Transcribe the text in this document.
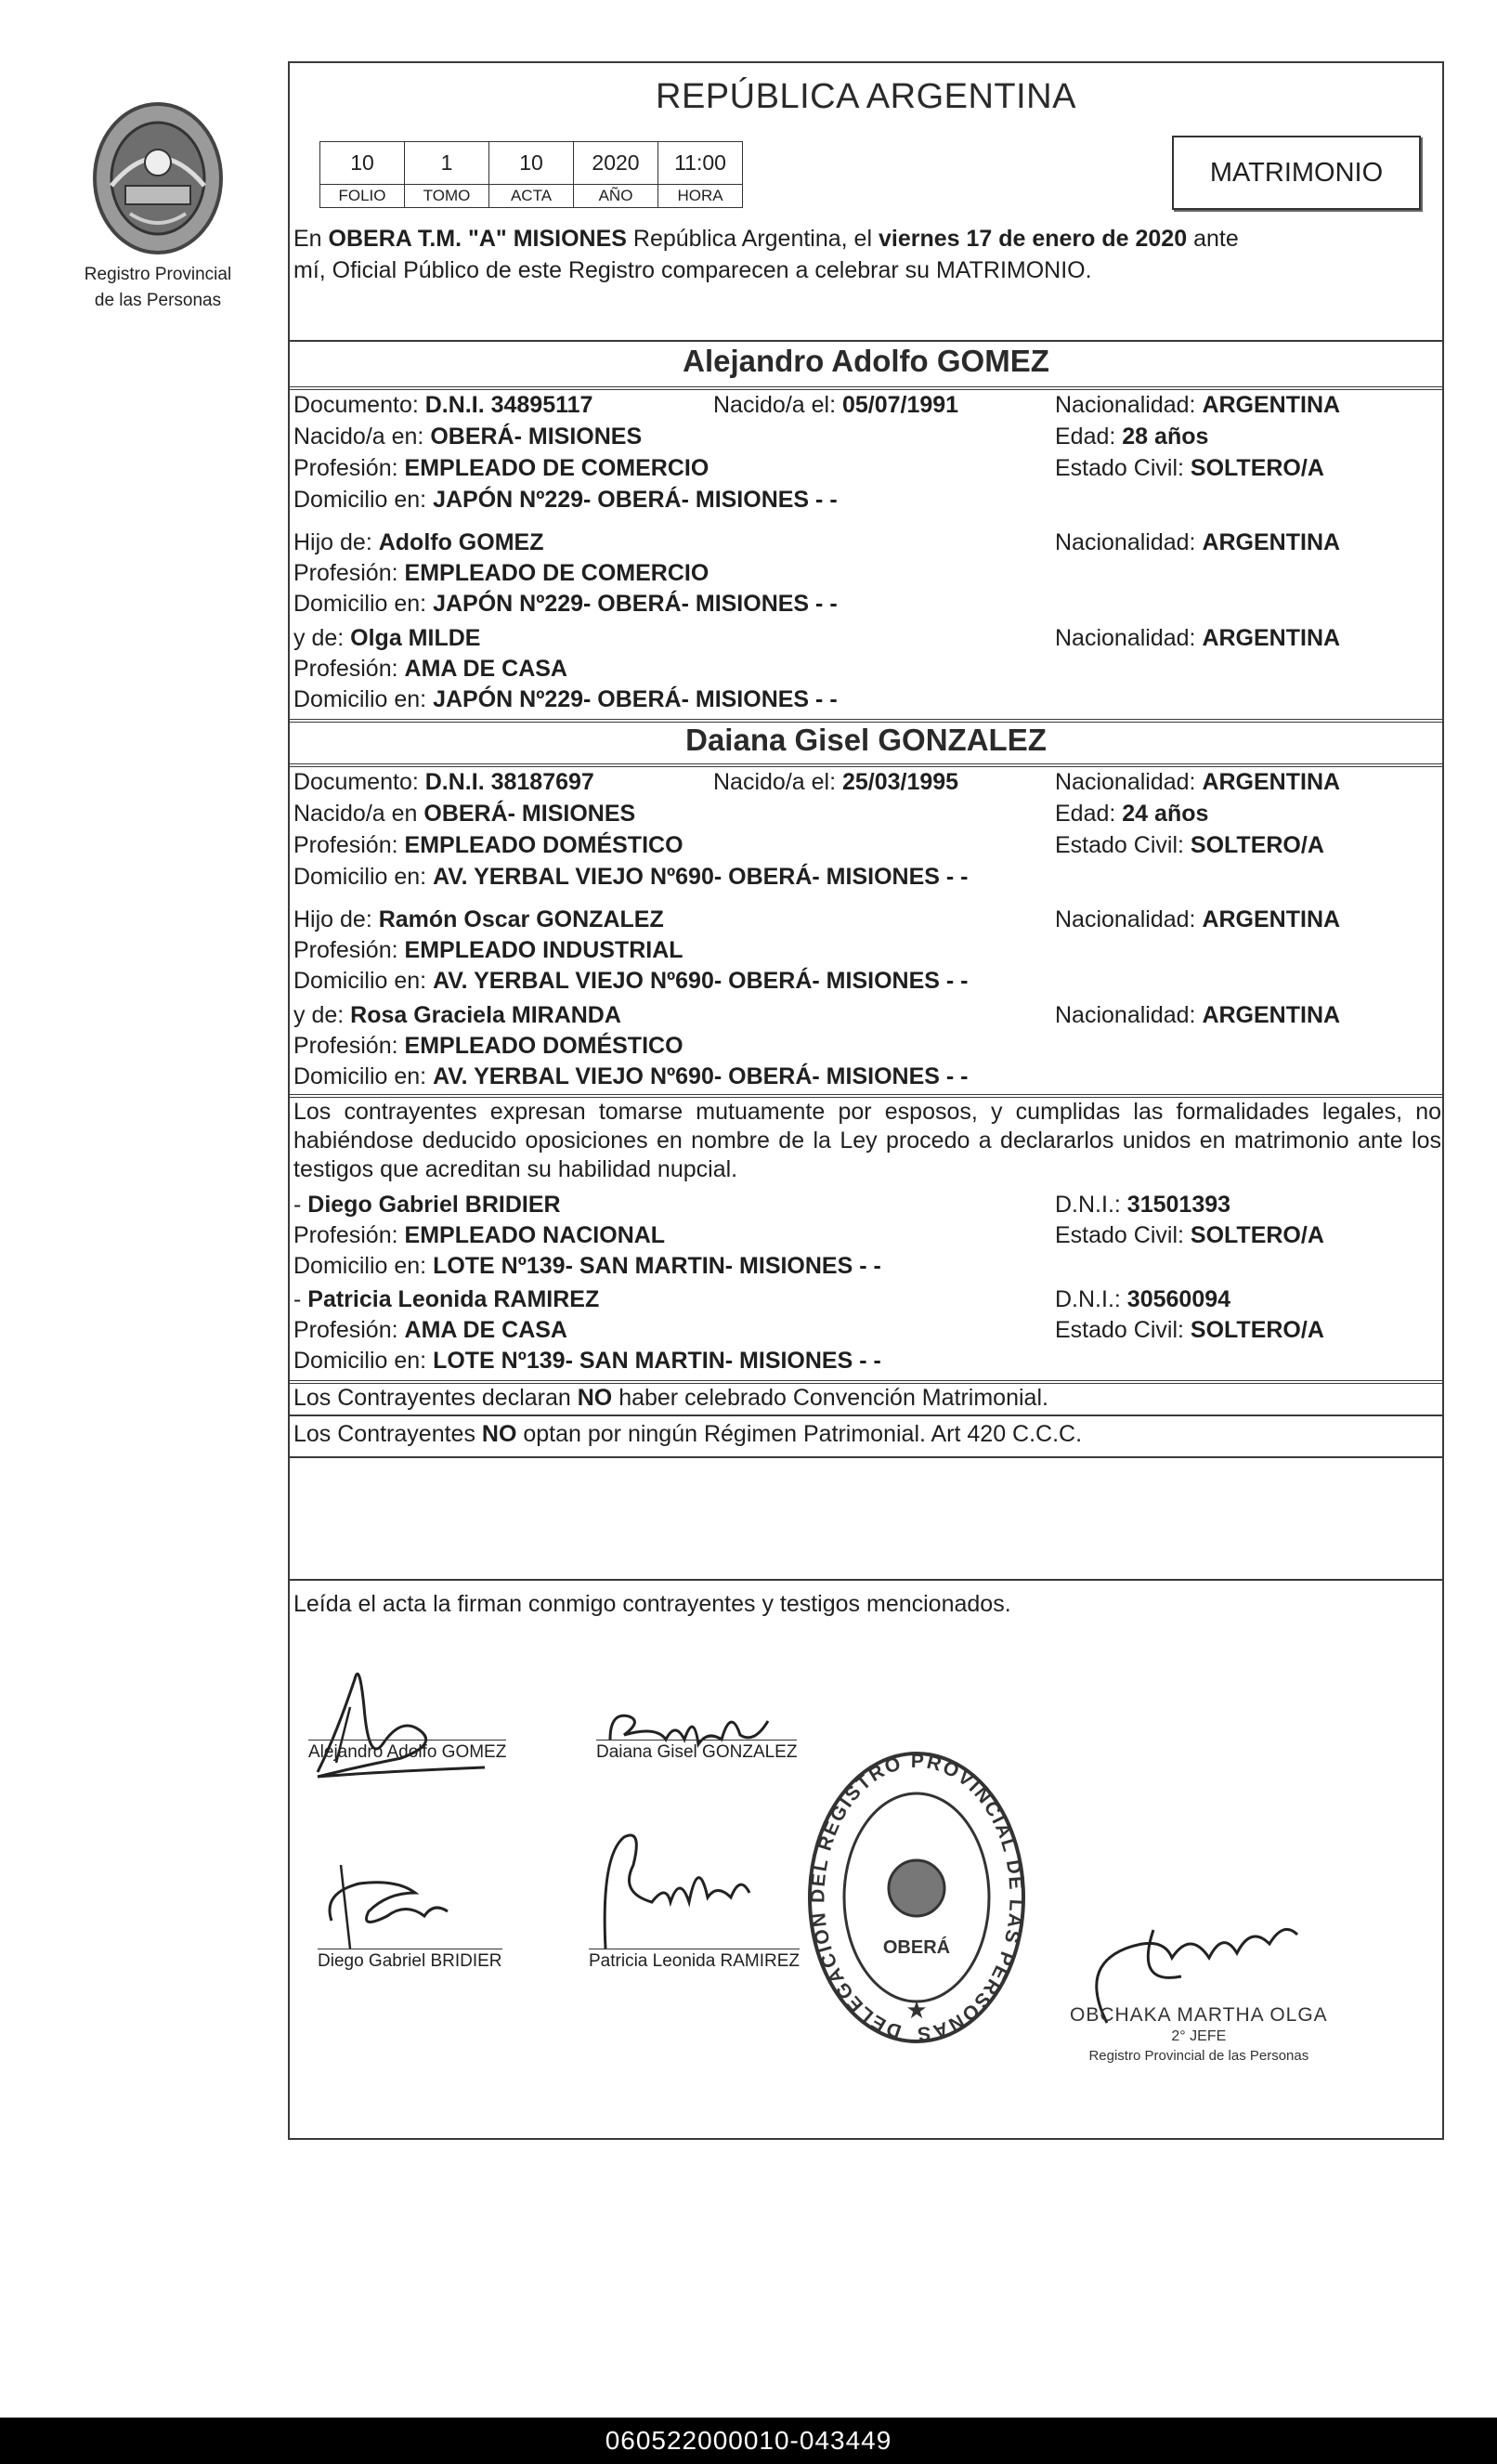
Registro Provincial
de las Personas
REPÚBLICA ARGENTINA
10	1	10	2020	11:00
FOLIO	TOMO	ACTA	AÑO	HORA
MATRIMONIO
En OBERA T.M. "A" MISIONES República Argentina, el viernes 17 de enero de 2020 ante
mí, Oficial Público de este Registro comparecen a celebrar su MATRIMONIO.
Alejandro Adolfo GOMEZ
Documento: D.N.I. 34895117	Nacido/a el: 05/07/1991	Nacionalidad: ARGENTINA
Nacido/a en: OBERÁ- MISIONES	Edad: 28 años
Profesión: EMPLEADO DE COMERCIO	Estado Civil: SOLTERO/A
Domicilio en: JAPÓN Nº229- OBERÁ- MISIONES - -
Hijo de: Adolfo GOMEZ	Nacionalidad: ARGENTINA
Profesión: EMPLEADO DE COMERCIO
Domicilio en: JAPÓN Nº229- OBERÁ- MISIONES - -
y de: Olga MILDE	Nacionalidad: ARGENTINA
Profesión: AMA DE CASA
Domicilio en: JAPÓN Nº229- OBERÁ- MISIONES - -
Daiana Gisel GONZALEZ
Documento: D.N.I. 38187697	Nacido/a el: 25/03/1995	Nacionalidad: ARGENTINA
Nacido/a en OBERÁ- MISIONES	Edad: 24 años
Profesión: EMPLEADO DOMÉSTICO	Estado Civil: SOLTERO/A
Domicilio en: AV. YERBAL VIEJO Nº690- OBERÁ- MISIONES - -
Hijo de: Ramón Oscar GONZALEZ	Nacionalidad: ARGENTINA
Profesión: EMPLEADO INDUSTRIAL
Domicilio en: AV. YERBAL VIEJO Nº690- OBERÁ- MISIONES - -
y de: Rosa Graciela MIRANDA	Nacionalidad: ARGENTINA
Profesión: EMPLEADO DOMÉSTICO
Domicilio en: AV. YERBAL VIEJO Nº690- OBERÁ- MISIONES - -
Los contrayentes expresan tomarse mutuamente por esposos, y cumplidas las formalidades legales, no habiéndose deducido oposiciones en nombre de la Ley procedo a declararlos unidos en matrimonio ante los testigos que acreditan su habilidad nupcial.
- Diego Gabriel BRIDIER	D.N.I.: 31501393
Profesión: EMPLEADO NACIONAL	Estado Civil: SOLTERO/A
Domicilio en: LOTE Nº139- SAN MARTIN- MISIONES - -
- Patricia Leonida RAMIREZ	D.N.I.: 30560094
Profesión: AMA DE CASA	Estado Civil: SOLTERO/A
Domicilio en: LOTE Nº139- SAN MARTIN- MISIONES - -
Los Contrayentes declaran NO haber celebrado Convención Matrimonial.
Los Contrayentes NO optan por ningún Régimen Patrimonial. Art 420 C.C.C.
Leída el acta la firman conmigo contrayentes y testigos mencionados.
Alejandro Adolfo GOMEZ	Daiana Gisel GONZALEZ
Diego Gabriel BRIDIER	Patricia Leonida RAMIREZ
DELEGACION DEL REGISTRO PROVINCIAL DE LAS PERSONAS
OBERÁ
★	OBCHAKA MARTHA OLGA
2° JEFE
Registro Provincial de las Personas
060522000010-043449
